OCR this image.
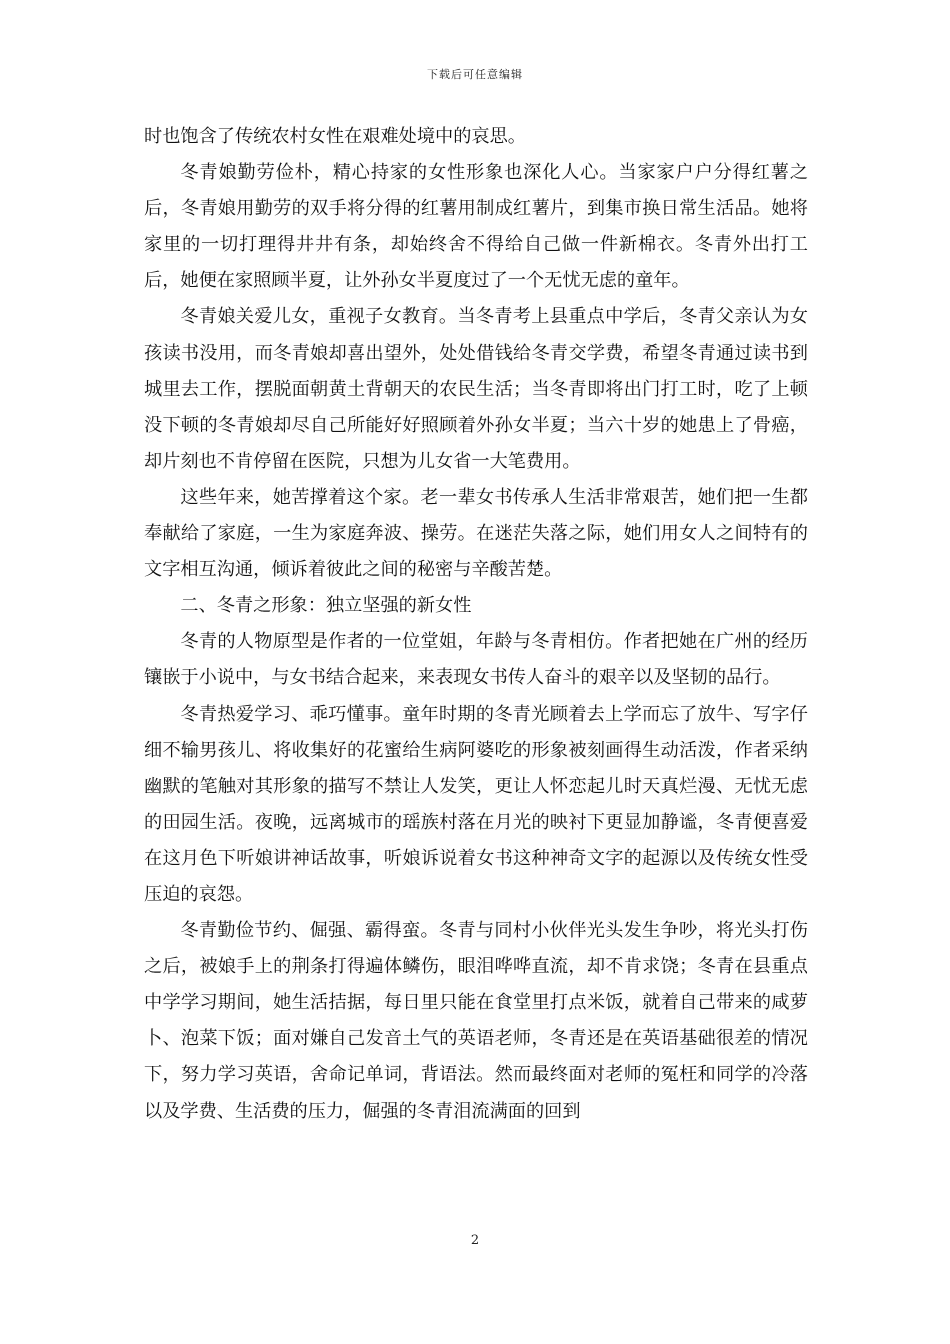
下载后可任意编辑

时也饱含了传统农村女性在艰难处境中的哀思。

冬青娘勤劳俭朴，精心持家的女性形象也深化人心。当家家户户分得红薯之后，冬青娘用勤劳的双手将分得的红薯用制成红薯片，到集市换日常生活品。她将家里的一切打理得井井有条，却始终舍不得给自己做一件新棉衣。冬青外出打工后，她便在家照顾半夏，让外孙女半夏度过了一个无忧无虑的童年。

冬青娘关爱儿女，重视子女教育。当冬青考上县重点中学后，冬青父亲认为女孩读书没用，而冬青娘却喜出望外，处处借钱给冬青交学费，希望冬青通过读书到城里去工作，摆脱面朝黄土背朝天的农民生活；当冬青即将出门打工时，吃了上顿没下顿的冬青娘却尽自己所能好好照顾着外孙女半夏；当六十岁的她患上了骨癌，却片刻也不肯停留在医院，只想为儿女省一大笔费用。

这些年来，她苦撑着这个家。老一辈女书传承人生活非常艰苦，她们把一生都奉献给了家庭，一生为家庭奔波、操劳。在迷茫失落之际，她们用女人之间特有的文字相互沟通，倾诉着彼此之间的秘密与辛酸苦楚。

二、冬青之形象：独立坚强的新女性

冬青的人物原型是作者的一位堂姐，年龄与冬青相仿。作者把她在广州的经历镶嵌于小说中，与女书结合起来，来表现女书传人奋斗的艰辛以及坚韧的品行。

冬青热爱学习、乖巧懂事。童年时期的冬青光顾着去上学而忘了放牛、写字仔细不输男孩儿、将收集好的花蜜给生病阿婆吃的形象被刻画得生动活泼，作者采纳幽默的笔触对其形象的描写不禁让人发笑，更让人怀恋起儿时天真烂漫、无忧无虑的田园生活。夜晚，远离城市的瑶族村落在月光的映衬下更显加静谧，冬青便喜爱在这月色下听娘讲神话故事，听娘诉说着女书这种神奇文字的起源以及传统女性受压迫的哀怨。

冬青勤俭节约、倔强、霸得蛮。冬青与同村小伙伴光头发生争吵，将光头打伤之后，被娘手上的荆条打得遍体鳞伤，眼泪哗哗直流，却不肯求饶；冬青在县重点中学学习期间，她生活拮据，每日里只能在食堂里打点米饭，就着自己带来的咸萝卜、泡菜下饭；面对嫌自己发音土气的英语老师，冬青还是在英语基础很差的情况下，努力学习英语，舍命记单词，背语法。然而最终面对老师的冤枉和同学的冷落以及学费、生活费的压力，倔强的冬青泪流满面的回到

2
